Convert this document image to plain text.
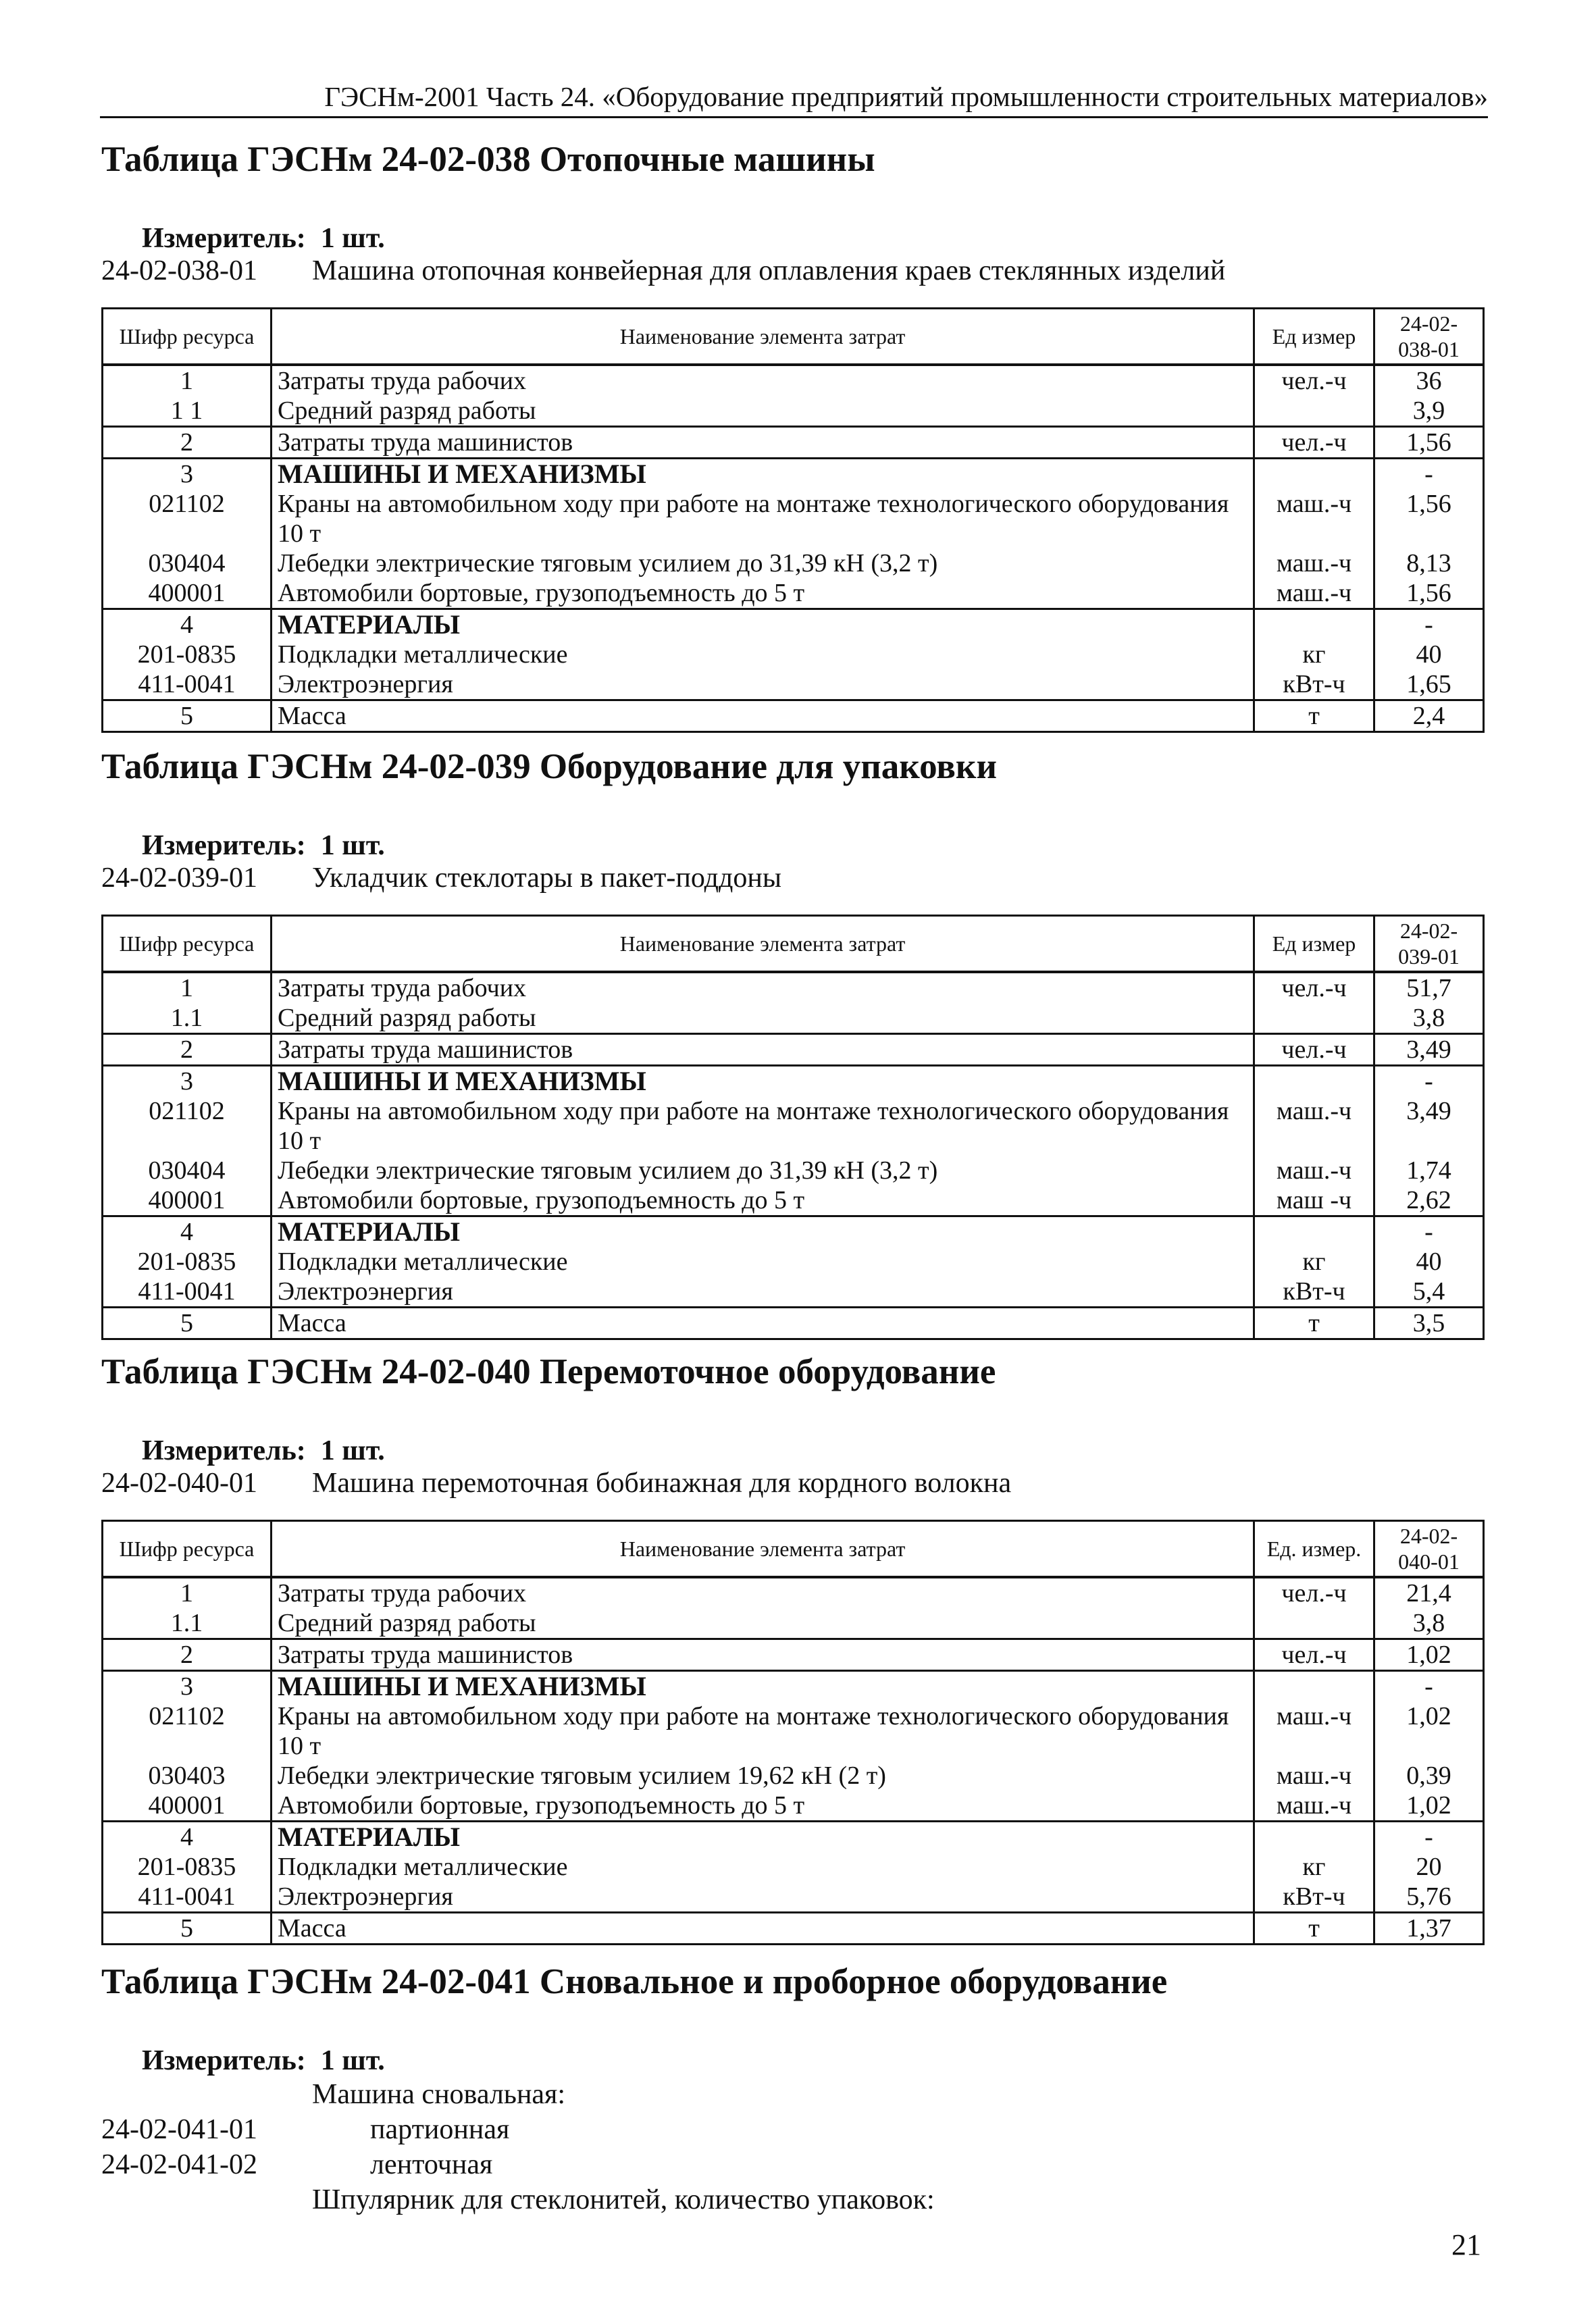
ГЭСНм-2001 Часть 24. «Оборудование предприятий промышленности строительных материалов»
Таблица ГЭСНм 24-02-038 Отопочные машины
Измеритель: 1 шт.
24-02-038-01	Машина отопочная конвейерная для оплавления краев стеклянных изделий
Шифр ресурса	Наименование элемента затрат	Ед измер	24-02-038-01
1	Затраты труда рабочих	чел.-ч	36
1 1	Средний разряд работы		3,9
2	Затраты труда машинистов	чел.-ч	1,56
3	МАШИНЫ И МЕХАНИЗМЫ		-
021102	Краны на автомобильном ходу при работе на монтаже технологического оборудования 10 т	маш.-ч	1,56
030404	Лебедки электрические тяговым усилием до 31,39 кН (3,2 т)	маш.-ч	8,13
400001	Автомобили бортовые, грузоподъемность до 5 т	маш.-ч	1,56
4	МАТЕРИАЛЫ		-
201-0835	Подкладки металлические	кг	40
411-0041	Электроэнергия	кВт-ч	1,65
5	Масса	т	2,4
Таблица ГЭСНм 24-02-039 Оборудование для упаковки
Измеритель: 1 шт.
24-02-039-01	Укладчик стеклотары в пакет-поддоны
Шифр ресурса	Наименование элемента затрат	Ед измер	24-02-039-01
1	Затраты труда рабочих	чел.-ч	51,7
1.1	Средний разряд работы		3,8
2	Затраты труда машинистов	чел.-ч	3,49
3	МАШИНЫ И МЕХАНИЗМЫ		-
021102	Краны на автомобильном ходу при работе на монтаже технологического оборудования 10 т	маш.-ч	3,49
030404	Лебедки электрические тяговым усилием до 31,39 кН (3,2 т)	маш.-ч	1,74
400001	Автомобили бортовые, грузоподъемность до 5 т	маш -ч	2,62
4	МАТЕРИАЛЫ		-
201-0835	Подкладки металлические	кг	40
411-0041	Электроэнергия	кВт-ч	5,4
5	Масса	т	3,5
Таблица ГЭСНм 24-02-040 Перемоточное оборудование
Измеритель: 1 шт.
24-02-040-01	Машина перемоточная бобинажная для кордного волокна
Шифр ресурса	Наименование элемента затрат	Ед. измер.	24-02-040-01
1	Затраты труда рабочих	чел.-ч	21,4
1.1	Средний разряд работы		3,8
2	Затраты труда машинистов	чел.-ч	1,02
3	МАШИНЫ И МЕХАНИЗМЫ		-
021102	Краны на автомобильном ходу при работе на монтаже технологического оборудования 10 т	маш.-ч	1,02
030403	Лебедки электрические тяговым усилием 19,62 кН (2 т)	маш.-ч	0,39
400001	Автомобили бортовые, грузоподъемность до 5 т	маш.-ч	1,02
4	МАТЕРИАЛЫ		-
201-0835	Подкладки металлические	кг	20
411-0041	Электроэнергия	кВт-ч	5,76
5	Масса	т	1,37
Таблица ГЭСНм 24-02-041 Сновальное и проборное оборудование
Измеритель: 1 шт.
Машина сновальная:
24-02-041-01	партионная
24-02-041-02	ленточная
Шпулярник для стеклонитей, количество упаковок:
21
